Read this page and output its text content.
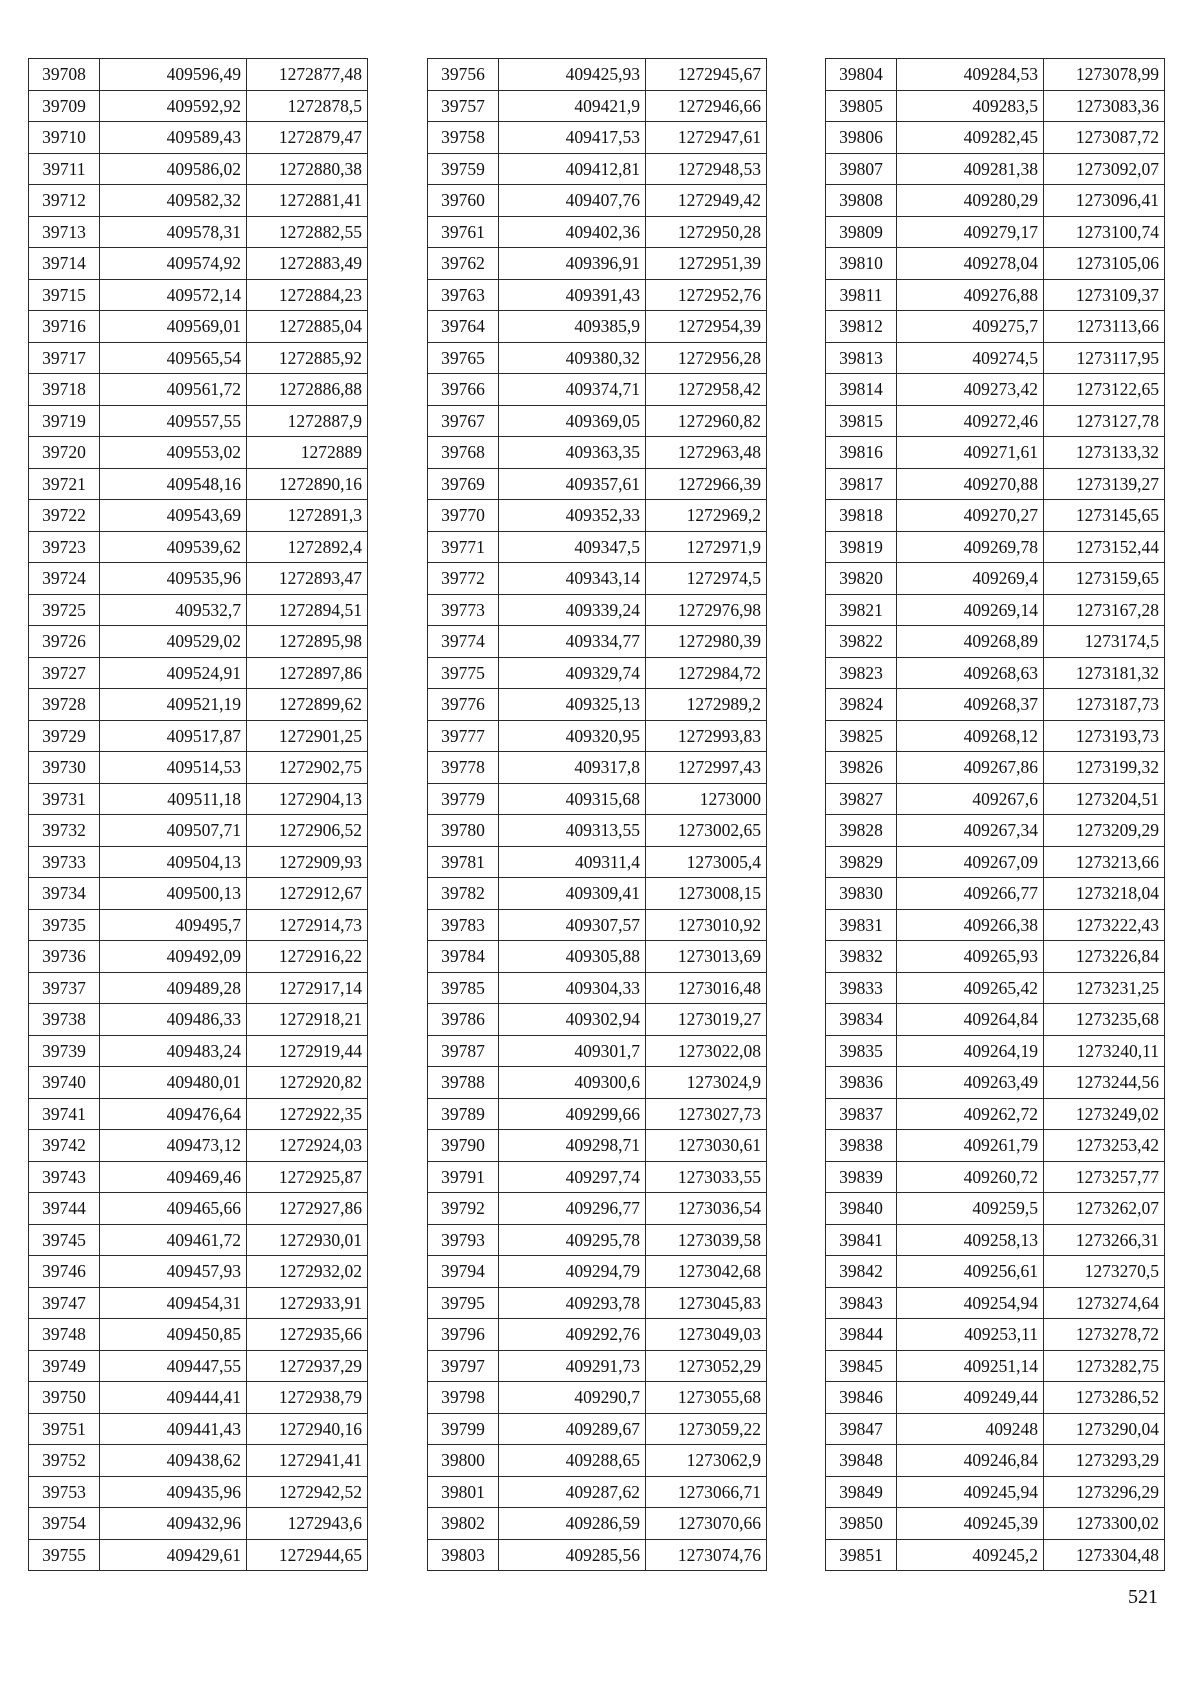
39708	409596,49	1272877,48
39709	409592,92	1272878,5
39710	409589,43	1272879,47
39711	409586,02	1272880,38
39712	409582,32	1272881,41
39713	409578,31	1272882,55
39714	409574,92	1272883,49
39715	409572,14	1272884,23
39716	409569,01	1272885,04
39717	409565,54	1272885,92
39718	409561,72	1272886,88
39719	409557,55	1272887,9
39720	409553,02	1272889
39721	409548,16	1272890,16
39722	409543,69	1272891,3
39723	409539,62	1272892,4
39724	409535,96	1272893,47
39725	409532,7	1272894,51
39726	409529,02	1272895,98
39727	409524,91	1272897,86
39728	409521,19	1272899,62
39729	409517,87	1272901,25
39730	409514,53	1272902,75
39731	409511,18	1272904,13
39732	409507,71	1272906,52
39733	409504,13	1272909,93
39734	409500,13	1272912,67
39735	409495,7	1272914,73
39736	409492,09	1272916,22
39737	409489,28	1272917,14
39738	409486,33	1272918,21
39739	409483,24	1272919,44
39740	409480,01	1272920,82
39741	409476,64	1272922,35
39742	409473,12	1272924,03
39743	409469,46	1272925,87
39744	409465,66	1272927,86
39745	409461,72	1272930,01
39746	409457,93	1272932,02
39747	409454,31	1272933,91
39748	409450,85	1272935,66
39749	409447,55	1272937,29
39750	409444,41	1272938,79
39751	409441,43	1272940,16
39752	409438,62	1272941,41
39753	409435,96	1272942,52
39754	409432,96	1272943,6
39755	409429,61	1272944,65
39756	409425,93	1272945,67
39757	409421,9	1272946,66
39758	409417,53	1272947,61
39759	409412,81	1272948,53
39760	409407,76	1272949,42
39761	409402,36	1272950,28
39762	409396,91	1272951,39
39763	409391,43	1272952,76
39764	409385,9	1272954,39
39765	409380,32	1272956,28
39766	409374,71	1272958,42
39767	409369,05	1272960,82
39768	409363,35	1272963,48
39769	409357,61	1272966,39
39770	409352,33	1272969,2
39771	409347,5	1272971,9
39772	409343,14	1272974,5
39773	409339,24	1272976,98
39774	409334,77	1272980,39
39775	409329,74	1272984,72
39776	409325,13	1272989,2
39777	409320,95	1272993,83
39778	409317,8	1272997,43
39779	409315,68	1273000
39780	409313,55	1273002,65
39781	409311,4	1273005,4
39782	409309,41	1273008,15
39783	409307,57	1273010,92
39784	409305,88	1273013,69
39785	409304,33	1273016,48
39786	409302,94	1273019,27
39787	409301,7	1273022,08
39788	409300,6	1273024,9
39789	409299,66	1273027,73
39790	409298,71	1273030,61
39791	409297,74	1273033,55
39792	409296,77	1273036,54
39793	409295,78	1273039,58
39794	409294,79	1273042,68
39795	409293,78	1273045,83
39796	409292,76	1273049,03
39797	409291,73	1273052,29
39798	409290,7	1273055,68
39799	409289,67	1273059,22
39800	409288,65	1273062,9
39801	409287,62	1273066,71
39802	409286,59	1273070,66
39803	409285,56	1273074,76
39804	409284,53	1273078,99
39805	409283,5	1273083,36
39806	409282,45	1273087,72
39807	409281,38	1273092,07
39808	409280,29	1273096,41
39809	409279,17	1273100,74
39810	409278,04	1273105,06
39811	409276,88	1273109,37
39812	409275,7	1273113,66
39813	409274,5	1273117,95
39814	409273,42	1273122,65
39815	409272,46	1273127,78
39816	409271,61	1273133,32
39817	409270,88	1273139,27
39818	409270,27	1273145,65
39819	409269,78	1273152,44
39820	409269,4	1273159,65
39821	409269,14	1273167,28
39822	409268,89	1273174,5
39823	409268,63	1273181,32
39824	409268,37	1273187,73
39825	409268,12	1273193,73
39826	409267,86	1273199,32
39827	409267,6	1273204,51
39828	409267,34	1273209,29
39829	409267,09	1273213,66
39830	409266,77	1273218,04
39831	409266,38	1273222,43
39832	409265,93	1273226,84
39833	409265,42	1273231,25
39834	409264,84	1273235,68
39835	409264,19	1273240,11
39836	409263,49	1273244,56
39837	409262,72	1273249,02
39838	409261,79	1273253,42
39839	409260,72	1273257,77
39840	409259,5	1273262,07
39841	409258,13	1273266,31
39842	409256,61	1273270,5
39843	409254,94	1273274,64
39844	409253,11	1273278,72
39845	409251,14	1273282,75
39846	409249,44	1273286,52
39847	409248	1273290,04
39848	409246,84	1273293,29
39849	409245,94	1273296,29
39850	409245,39	1273300,02
39851	409245,2	1273304,48
521
